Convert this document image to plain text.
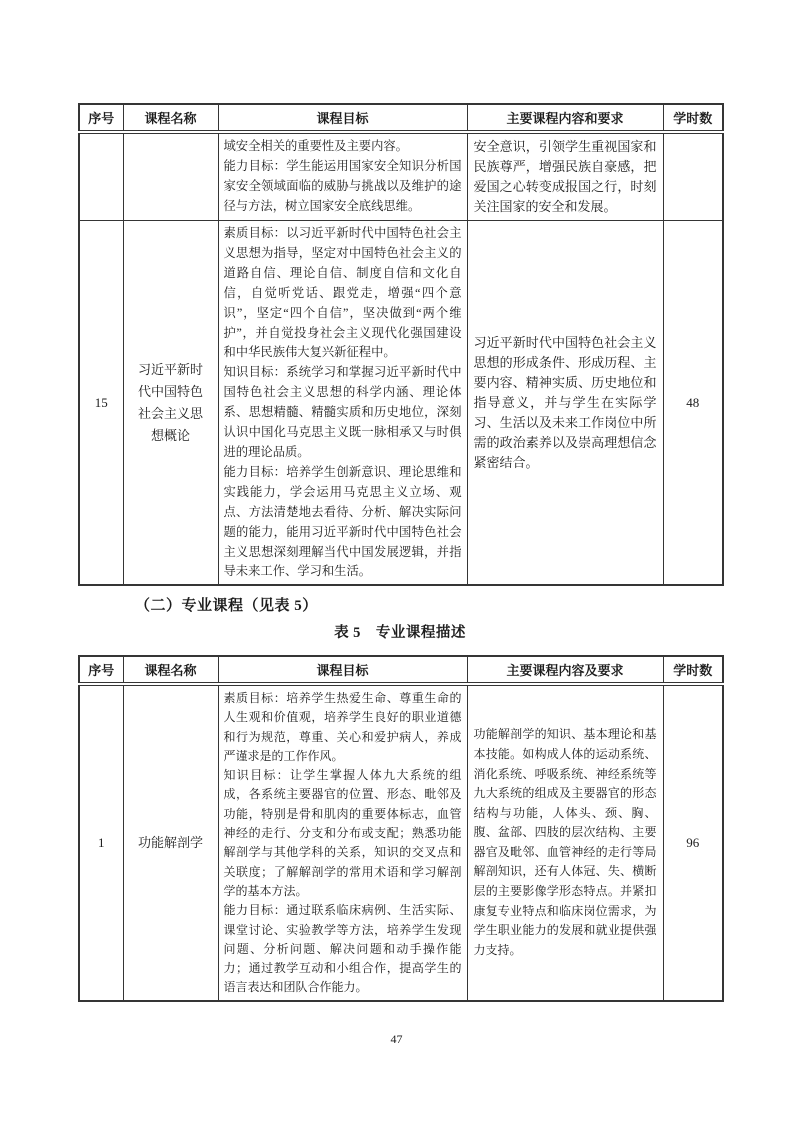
序号	课程名称	课程目标	主要课程内容和要求	学时数

		域安全相关的重要性及主要内容。

能力目标：学生能运用国家安全知识分析国家安全领域面临的威胁与挑战以及维护的途径与方法，树立国家安全底线思维。	安全意识，引领学生重视国家和民族尊严，增强民族自豪感，把爱国之心转变成报国之行，时刻关注国家的安全和发展。	
15	习近平新时代中国特色社会主义思想概论	素质目标：以习近平新时代中国特色社会主义思想为指导，坚定对中国特色社会主义的道路自信、理论自信、制度自信和文化自信，自觉听党话、跟党走，增强“四个意识”，坚定“四个自信”，坚决做到“两个维护”，并自觉投身社会主义现代化强国建设和中华民族伟大复兴新征程中。

知识目标：系统学习和掌握习近平新时代中国特色社会主义思想的科学内涵、理论体系、思想精髓、精髓实质和历史地位，深刻认识中国化马克思主义既一脉相承又与时俱进的理论品质。

能力目标：培养学生创新意识、理论思维和实践能力，学会运用马克思主义立场、观点、方法清楚地去看待、分析、解决实际问题的能力，能用习近平新时代中国特色社会主义思想深刻理解当代中国发展逻辑，并指导未来工作、学习和生活。	习近平新时代中国特色社会主义思想的形成条件、形成历程、主要内容、精神实质、历史地位和指导意义，并与学生在实际学习、生活以及未来工作岗位中所需的政治素养以及崇高理想信念紧密结合。	48
（二）专业课程（见表 5）
表 5　专业课程描述
序号	课程名称	课程目标	主要课程内容及要求	学时数
1	功能解剖学	素质目标：培养学生热爱生命、尊重生命的人生观和价值观，培养学生良好的职业道德和行为规范，尊重、关心和爱护病人，养成严谨求是的工作作风。

知识目标：让学生掌握人体九大系统的组成，各系统主要器官的位置、形态、毗邻及功能，特别是骨和肌肉的重要体标志，血管神经的走行、分支和分布或支配；熟悉功能解剖学与其他学科的关系，知识的交叉点和关联度；了解解剖学的常用术语和学习解剖学的基本方法。

能力目标：通过联系临床病例、生活实际、课堂讨论、实验教学等方法，培养学生发现问题、分析问题、解决问题和动手操作能力；通过教学互动和小组合作，提高学生的语言表达和团队合作能力。	功能解剖学的知识、基本理论和基本技能。如构成人体的运动系统、消化系统、呼吸系统、神经系统等九大系统的组成及主要器官的形态结构与功能，人体头、颈、胸、腹、盆部、四肢的层次结构、主要器官及毗邻、血管神经的走行等局解剖知识，还有人体冠、失、横断层的主要影像学形态特点。并紧扣康复专业特点和临床岗位需求，为学生职业能力的发展和就业提供强力支持。	96
47
